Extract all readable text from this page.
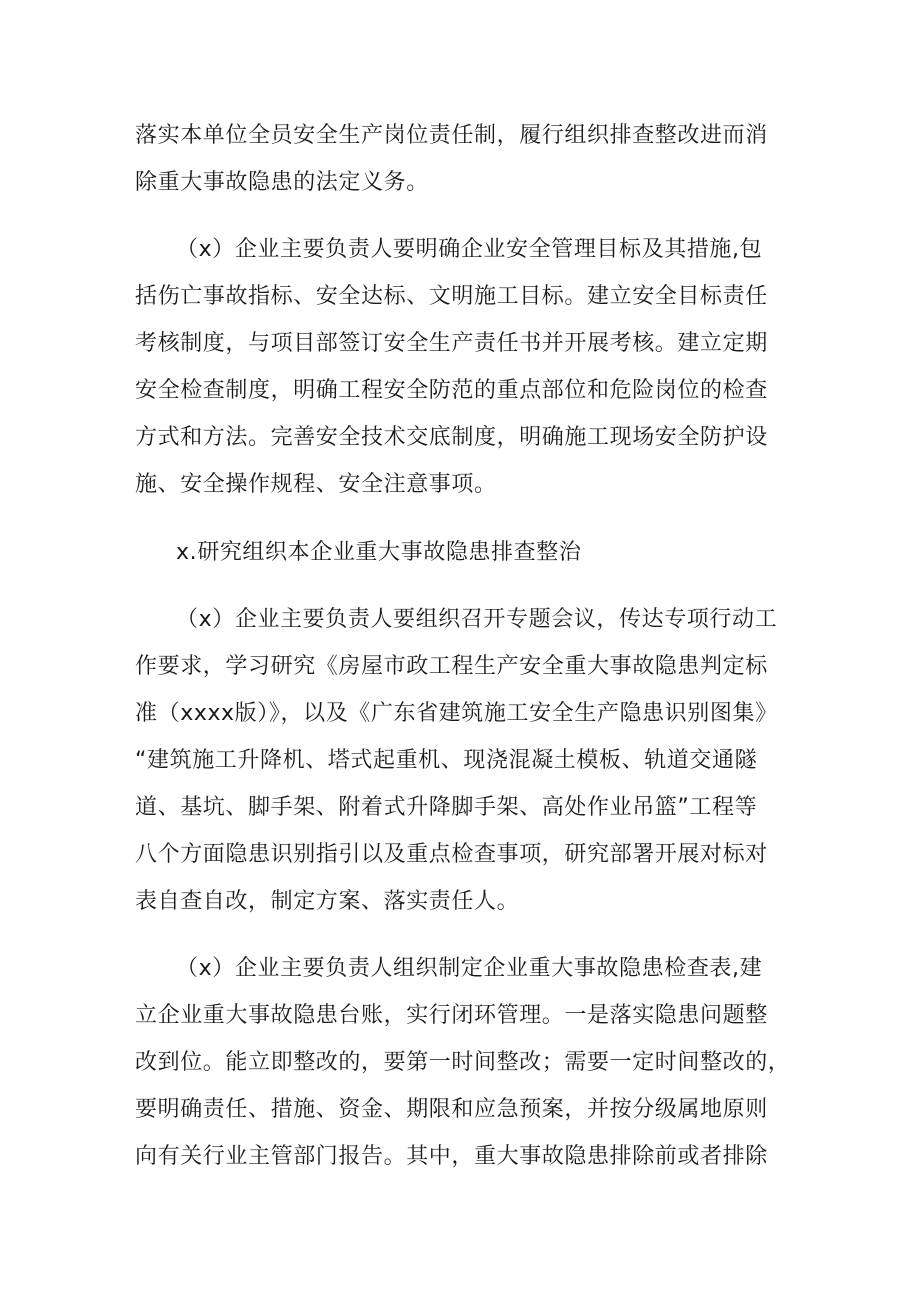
落实本单位全员安全生产岗位责任制，履行组织排查整改进而消

除重大事故隐患的法定义务。

（x）企业主要负责人要明确企业安全管理目标及其措施,包

括伤亡事故指标、安全达标、文明施工目标。建立安全目标责任

考核制度，与项目部签订安全生产责任书并开展考核。建立定期

安全检查制度，明确工程安全防范的重点部位和危险岗位的检查

方式和方法。完善安全技术交底制度，明确施工现场安全防护设

施、安全操作规程、安全注意事项。

x.研究组织本企业重大事故隐患排查整治

（x）企业主要负责人要组织召开专题会议，传达专项行动工

作要求，学习研究《房屋市政工程生产安全重大事故隐患判定标

准（xxxx版）》，以及《广东省建筑施工安全生产隐患识别图集》

“建筑施工升降机、塔式起重机、现浇混凝土模板、轨道交通隧

道、基坑、脚手架、附着式升降脚手架、高处作业吊篮”工程等

八个方面隐患识别指引以及重点检查事项，研究部署开展对标对

表自查自改，制定方案、落实责任人。

（x）企业主要负责人组织制定企业重大事故隐患检查表,建

立企业重大事故隐患台账，实行闭环管理。一是落实隐患问题整

改到位。能立即整改的，要第一时间整改；需要一定时间整改的，

要明确责任、措施、资金、期限和应急预案，并按分级属地原则

向有关行业主管部门报告。其中，重大事故隐患排除前或者排除
